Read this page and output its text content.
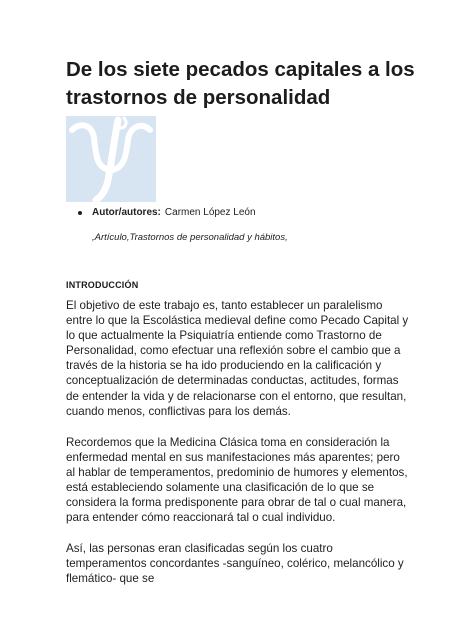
De los siete pecados capitales a los trastornos de personalidad
Autor/autores: Carmen López León
,Artículo,Trastornos de personalidad y hábitos,
INTRODUCCIÓN

El objetivo de este trabajo es, tanto establecer un paralelismo entre lo que la Escolástica medieval define como Pecado Capital y lo que actualmente la Psiquiatría entiende como Trastorno de Personalidad, como efectuar una reflexión sobre el cambio que a través de la historia se ha ido produciendo en la calificación y conceptualización de determinadas conductas, actitudes, formas de entender la vida y de relacionarse con el entorno, que resultan, cuando menos, conflictivas para los demás.

Recordemos que la Medicina Clásica toma en consideración la enfermedad mental en sus manifestaciones más aparentes; pero al hablar de temperamentos, predominio de humores y elementos, está estableciendo solamente una clasificación de lo que se considera la forma predisponente para obrar de tal o cual manera, para entender cómo reaccionará tal o cual individuo.

Así, las personas eran clasificadas según los cuatro temperamentos concordantes -sanguíneo, colérico, melancólico y flemático- que se
